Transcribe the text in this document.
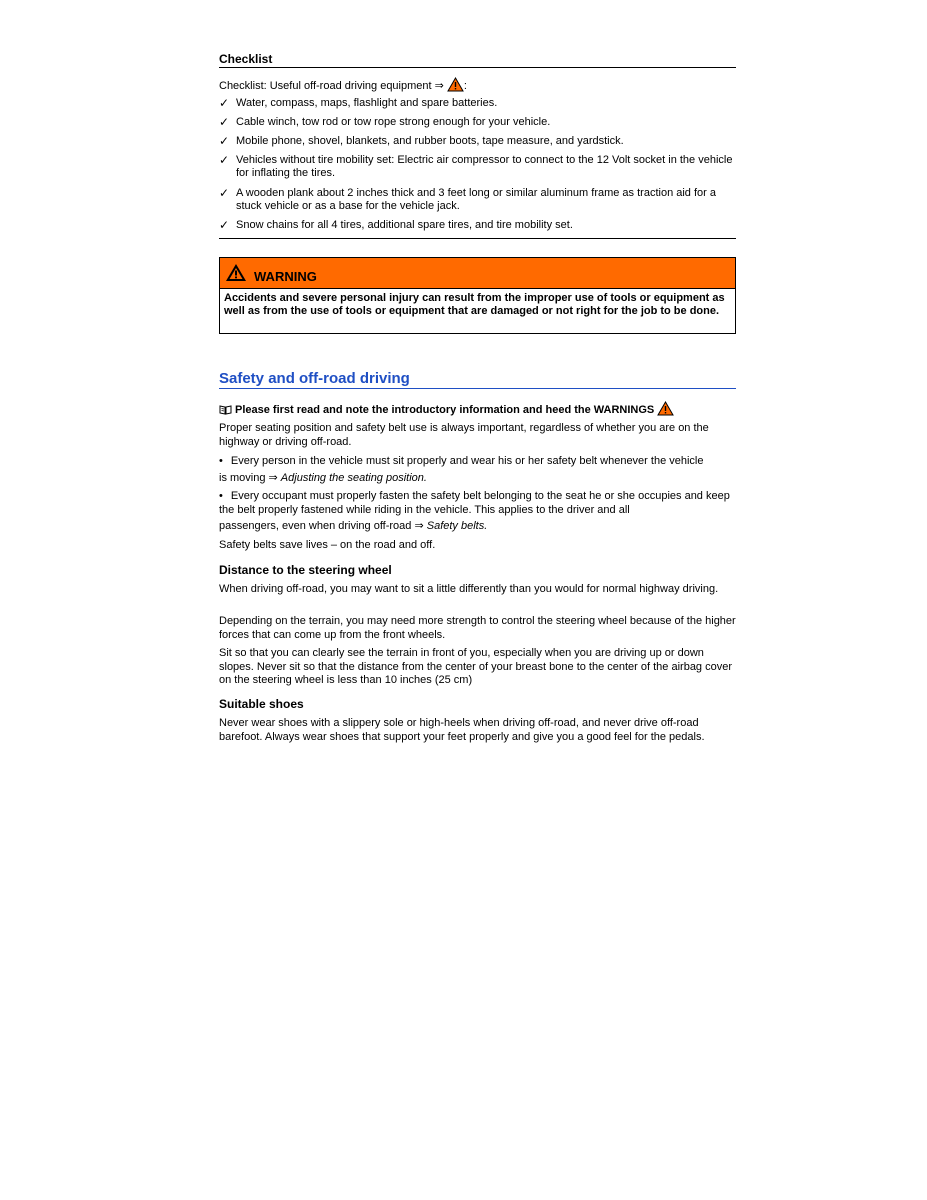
Checklist
Checklist: Useful off-road driving equipment ⇒ :
✓ Water, compass, maps, flashlight and spare batteries.
✓ Cable winch, tow rod or tow rope strong enough for your vehicle.
✓ Mobile phone, shovel, blankets, and rubber boots, tape measure, and yardstick.
✓ Vehicles without tire mobility set: Electric air compressor to connect to the 12 Volt socket in the vehicle for inflating the tires.
✓ A wooden plank about 2 inches thick and 3 feet long or similar aluminum frame as traction aid for a stuck vehicle or as a base for the vehicle jack.
✓ Snow chains for all 4 tires, additional spare tires, and tire mobility set.
WARNING
Accidents and severe personal injury can result from the improper use of tools or equipment as well as from the use of tools or equipment that are damaged or not right for the job to be done.
Safety and off-road driving
Please first read and note the introductory information and heed the WARNINGS
Proper seating position and safety belt use is always important, regardless of whether you are on the highway or driving off-road.
• Every person in the vehicle must sit properly and wear his or her safety belt whenever the vehicle
is moving ⇒ Adjusting the seating position.
• Every occupant must properly fasten the safety belt belonging to the seat he or she occupies and keep the belt properly fastened while riding in the vehicle. This applies to the driver and all
passengers, even when driving off-road ⇒ Safety belts.
Safety belts save lives – on the road and off.
Distance to the steering wheel
When driving off-road, you may want to sit a little differently than you would for normal highway driving.
Depending on the terrain, you may need more strength to control the steering wheel because of the higher forces that can come up from the front wheels.
Sit so that you can clearly see the terrain in front of you, especially when you are driving up or down slopes. Never sit so that the distance from the center of your breast bone to the center of the airbag cover on the steering wheel is less than 10 inches (25 cm)
Suitable shoes
Never wear shoes with a slippery sole or high-heels when driving off-road, and never drive off-road barefoot. Always wear shoes that support your feet properly and give you a good feel for the pedals.
